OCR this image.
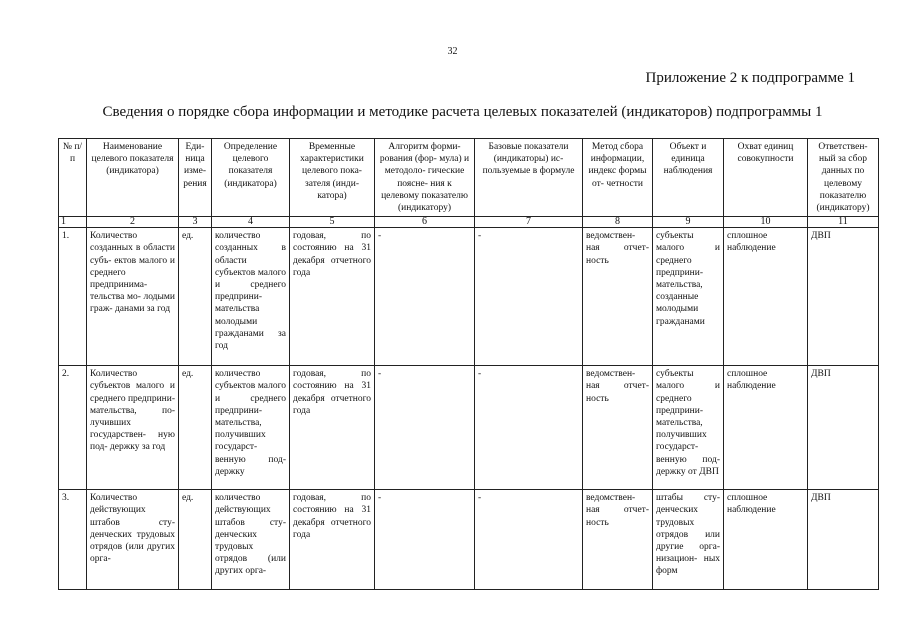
32
Приложение 2 к подпрограмме 1
Сведения о порядке сбора информации и методике расчета целевых показателей (индикаторов) подпрограммы 1
№ п/п	Наименование целевого показателя (индикатора)	Еди- ница изме- рения	Определение целевого показателя (индикатора)	Временные характеристики целевого пока- зателя (инди- катора)	Алгоритм форми- рования (фор- мула) и методоло- гические поясне- ния к целевому показателю (индикатору)	Базовые показатели (индикаторы) ис- пользуемые в формуле	Метод сбора информации, индекс формы от- четности	Объект и единица наблюдения	Охват единиц совокупности	Ответствен- ный за сбор данных по целевому показателю (индикатору)
1	2	3	4	5	6	7	8	9	10	11
1.	Количество созданных в области субъ- ектов малого и среднего предпринима- тельства мо- лодыми граж- данами за год	ед.	количество созданных в области субъектов малого и среднего предприни- мательства молодыми гражданами за год	годовая, по состоянию на 31 декабря отчетного года	-	-	ведомствен- ная отчет- ность	субъекты малого и среднего предприни- мательства, созданные молодыми гражданами	сплошное наблюдение	ДВП
2.	Количество субъектов малого и среднего предприни- мательства, по- лучивших государствен- ную под- держку за год	ед.	количество субъектов малого и среднего предприни- мательства, получивших государст- венную под- держку	годовая, по состоянию на 31 декабря отчетного года	-	-	ведомствен- ная отчет- ность	субъекты малого и среднего предприни- мательства, получивших государст- венную под- держку от ДВП	сплошное наблюдение	ДВП
3.	Количество действующих штабов сту- денческих трудовых отрядов (или других орга-	ед.	количество действующих штабов сту- денческих трудовых отрядов (или других орга-	годовая, по состоянию на 31 декабря отчетного года	-	-	ведомствен- ная отчет- ность	штабы сту- денческих трудовых отрядов или другие орга- низацион- ных форм	сплошное наблюдение	ДВП
